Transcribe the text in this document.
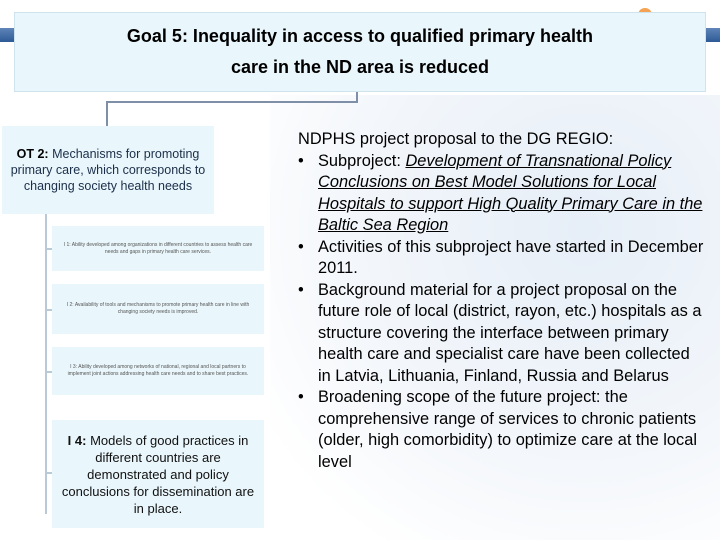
Goal 5: Inequality in access to qualified primary health care in the ND area is reduced
OT 2: Mechanisms for promoting primary care, which corresponds to changing society health needs
I 1: Ability developed among organizations in different countries to assess health care needs and gaps in primary health care services.
I 2: Availability of tools and mechanisms to promote primary health care in line with changing society needs is improved.
I 3: Ability developed among networks of national, regional and local partners to implement joint actions addressing health care needs and to share best practices.
I 4: Models of good practices in different countries are demonstrated and policy conclusions for dissemination are in place.
NDPHS project proposal to the DG REGIO:
• Subproject: Development of Transnational Policy Conclusions on Best Model Solutions for Local Hospitals to support High Quality Primary Care in the Baltic Sea Region
• Activities of this subproject have started in December 2011.
• Background material for a project proposal on the future role of local (district, rayon, etc.) hospitals as a structure covering the interface between primary health care and specialist care have been collected in Latvia, Lithuania, Finland, Russia and Belarus
• Broadening scope of the future project: the comprehensive range of services to chronic patients (older, high comorbidity) to optimize care at the local level
